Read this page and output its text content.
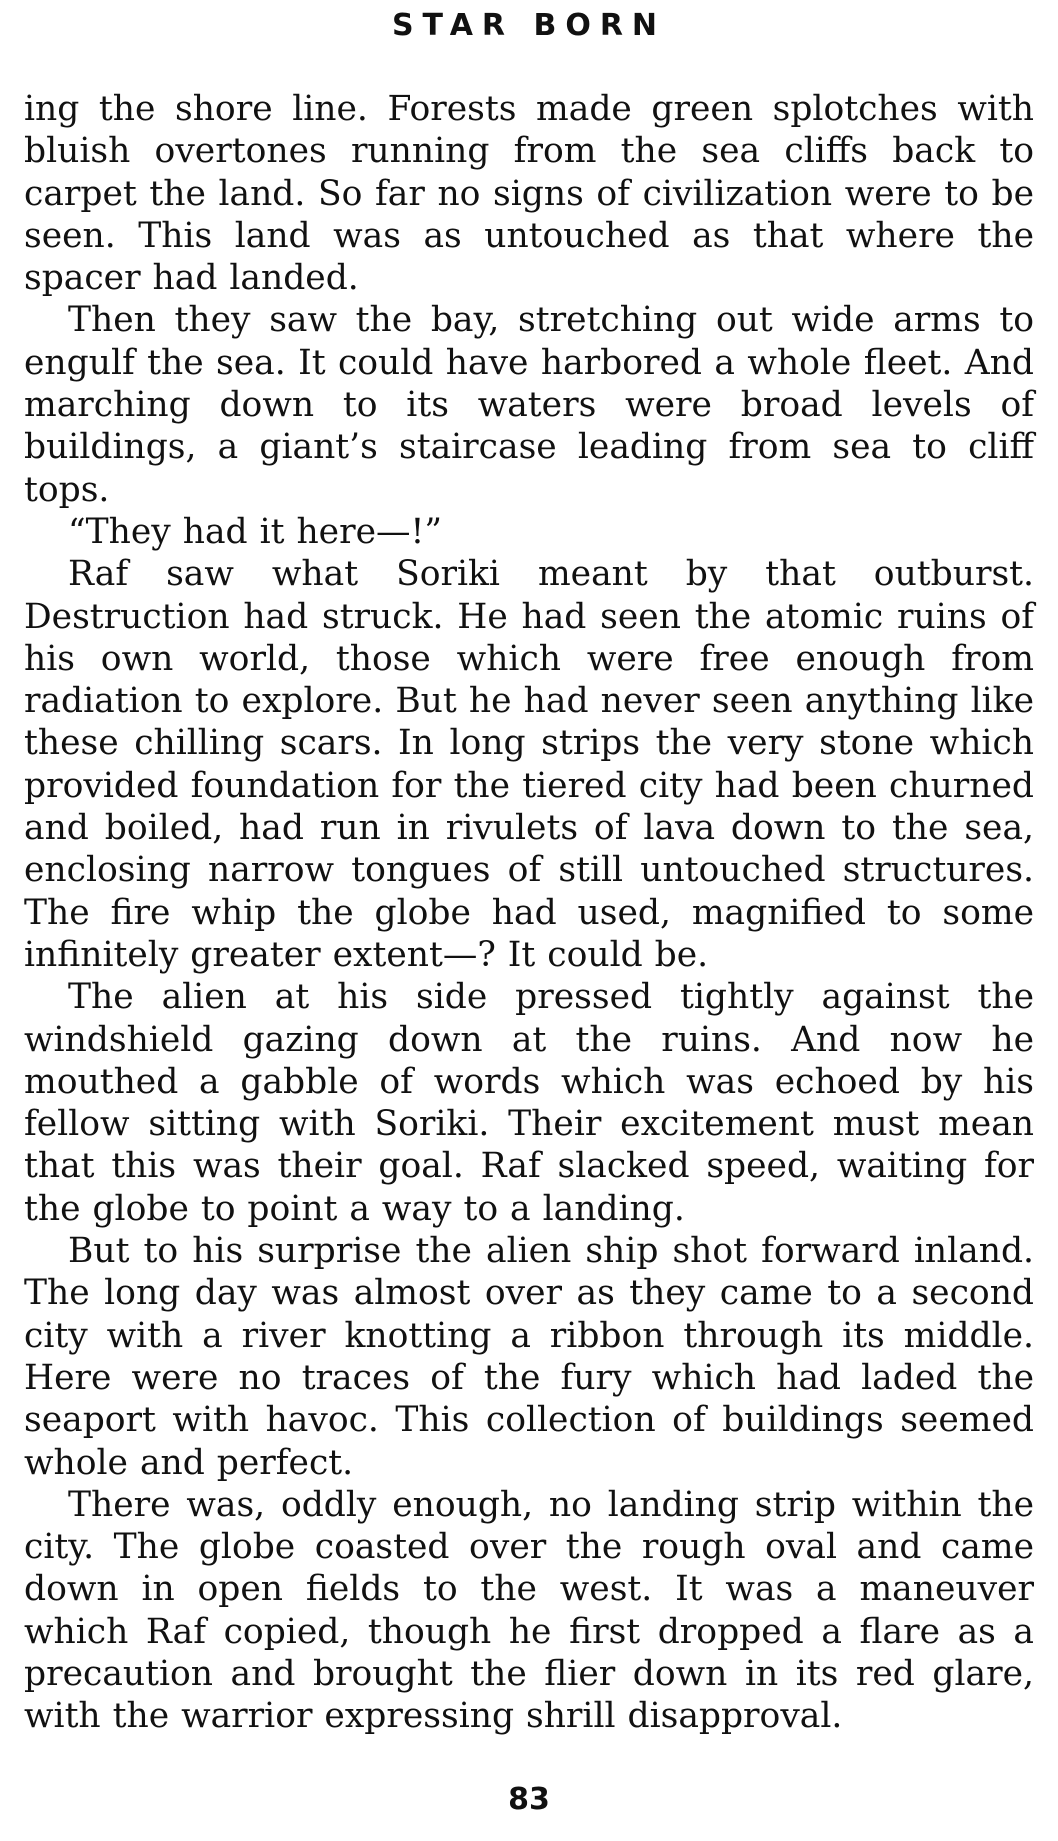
STAR BORN

ing the shore line. Forests made green splotches with bluish overtones running from the sea cliffs back to carpet the land. So far no signs of civilization were to be seen. This land was as untouched as that where the spacer had landed.

Then they saw the bay, stretching out wide arms to engulf the sea. It could have harbored a whole fleet. And marching down to its waters were broad levels of buildings, a giant’s staircase leading from sea to cliff tops.

“They had it here—!”

Raf saw what Soriki meant by that outburst. Destruction had struck. He had seen the atomic ruins of his own world, those which were free enough from radiation to explore. But he had never seen anything like these chilling scars. In long strips the very stone which provided foundation for the tiered city had been churned and boiled, had run in rivulets of lava down to the sea, enclosing narrow tongues of still untouched structures. The fire whip the globe had used, magnified to some infinitely greater extent—? It could be.

The alien at his side pressed tightly against the windshield gazing down at the ruins. And now he mouthed a gabble of words which was echoed by his fellow sitting with Soriki. Their excitement must mean that this was their goal. Raf slacked speed, waiting for the globe to point a way to a landing.

But to his surprise the alien ship shot forward inland. The long day was almost over as they came to a second city with a river knotting a ribbon through its middle. Here were no traces of the fury which had laded the seaport with havoc. This collection of buildings seemed whole and perfect.

There was, oddly enough, no landing strip within the city. The globe coasted over the rough oval and came down in open fields to the west. It was a maneuver which Raf copied, though he first dropped a flare as a precaution and brought the flier down in its red glare, with the warrior expressing shrill disapproval.

83
